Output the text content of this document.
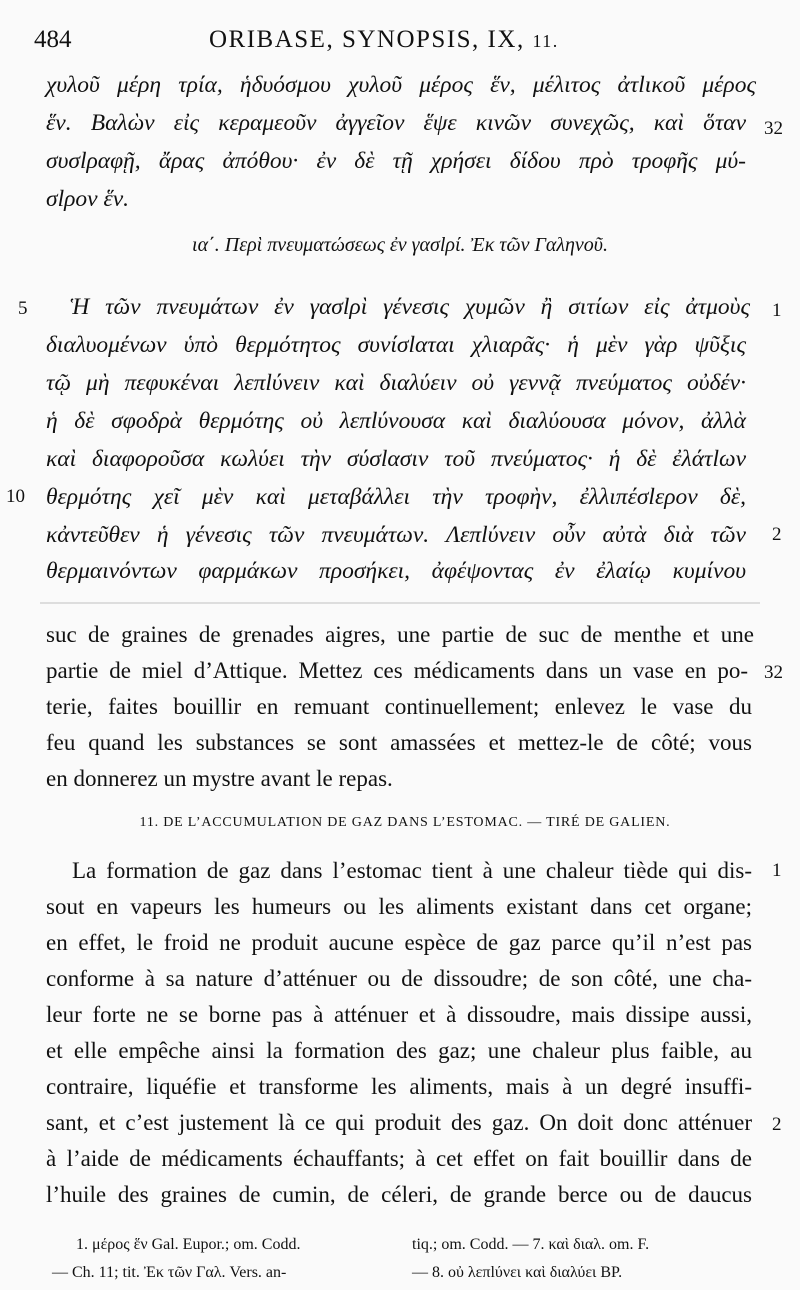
484	ORIBASE, SYNOPSIS, IX, 11.
χυλοῦ μέρη τρία, ἡδυόσμου χυλοῦ μέρος ἕν, μέλιτος ἀτlικοῦ μέρος
ἕν. Βαλὼν εἰς κεραμεοῦν ἀγγεῖον ἕψε κινῶν συνεχῶς, καὶ ὅταν
συσlραφῇ, ἄρας ἀπόθου· ἐν δὲ τῇ χρήσει δίδου πρὸ τροφῆς μύ-
σlρον ἕν.
ια΄. Περὶ πνευματώσεως ἐν γασlρί. Ἐκ τῶν Γαληνοῦ.
Ἡ τῶν πνευμάτων ἐν γασlρὶ γένεσις χυμῶν ἢ σιτίων εἰς ἀτμοὺς
διαλυομένων ὑπὸ θερμότητος συνίσlαται χλιαρᾶς· ἡ μὲν γὰρ ψῦξις
τῷ μὴ πεφυκέναι λεπlύνειν καὶ διαλύειν οὐ γεννᾷ πνεύματος οὐδέν·
ἡ δὲ σφοδρὰ θερμότης οὐ λεπlύνουσα καὶ διαλύουσα μόνον, ἀλλὰ
καὶ διαφοροῦσα κωλύει τὴν σύσlασιν τοῦ πνεύματος· ἡ δὲ ἐλάτlων
θερμότης χεῖ μὲν καὶ μεταβάλλει τὴν τροφὴν, ἐλλιπέσlερον δὲ,
κἀντεῦθεν ἡ γένεσις τῶν πνευμάτων. Λεπlύνειν οὖν αὐτὰ διὰ τῶν
θερμαινόντων φαρμάκων προσήκει, ἀφέψοντας ἐν ἐλαίῳ κυμίνου
5
10
32
1
2
suc de graines de grenades aigres, une partie de suc de menthe et une
partie de miel d’Attique. Mettez ces médicaments dans un vase en po-
terie, faites bouillir en remuant continuellement; enlevez le vase du
feu quand les substances se sont amassées et mettez-le de côté; vous
en donnerez un mystre avant le repas.
11. DE L’ACCUMULATION DE GAZ DANS L’ESTOMAC. — TIRÉ DE GALIEN.
La formation de gaz dans l’estomac tient à une chaleur tiède qui dis-
sout en vapeurs les humeurs ou les aliments existant dans cet organe;
en effet, le froid ne produit aucune espèce de gaz parce qu’il n’est pas
conforme à sa nature d’atténuer ou de dissoudre; de son côté, une cha-
leur forte ne se borne pas à atténuer et à dissoudre, mais dissipe aussi,
et elle empêche ainsi la formation des gaz; une chaleur plus faible, au
contraire, liquéfie et transforme les aliments, mais à un degré insuffi-
sant, et c’est justement là ce qui produit des gaz. On doit donc atténuer
à l’aide de médicaments échauffants; à cet effet on fait bouillir dans de
l’huile des graines de cumin, de céleri, de grande berce ou de daucus
32
1
2
1. μέρος ἕν Gal. Eupor.; om. Codd.
— Ch. 11; tit. Ἐκ τῶν Γαλ. Vers. an-
tiq.; om. Codd. — 7. καὶ διαλ. om. F.
— 8. οὐ λεπlύνει καὶ διαλύει BP.
